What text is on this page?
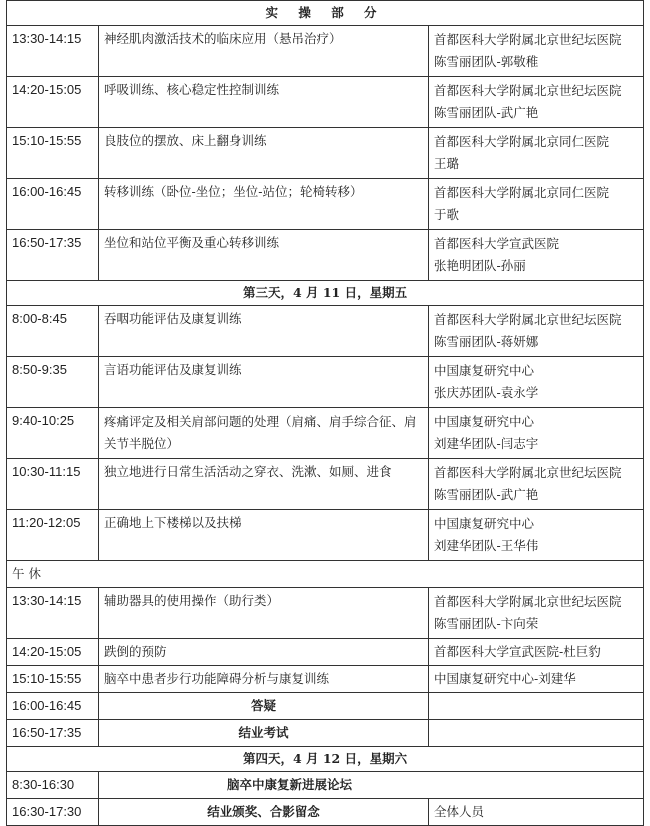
实 操 部 分		
13:30-14:15	神经肌肉激活技术的临床应用（悬吊治疗）	首都医科大学附属北京世纪坛医院
陈雪丽团队-郭敬稚

14:20-15:05	呼吸训练、核心稳定性控制训练	首都医科大学附属北京世纪坛医院
陈雪丽团队-武广艳

15:10-15:55	良肢位的摆放、床上翻身训练	首都医科大学附属北京同仁医院
王璐

16:00-16:45	转移训练（卧位-坐位；坐位-站位；轮椅转移）	首都医科大学附属北京同仁医院
于歌

16:50-17:35	坐位和站位平衡及重心转移训练	首都医科大学宣武医院
张艳明团队-孙丽

第三天，4 月 11 日，星期五		
8:00-8:45	吞咽功能评估及康复训练	首都医科大学附属北京世纪坛医院
陈雪丽团队-蒋妍娜

8:50-9:35	言语功能评估及康复训练	中国康复研究中心
张庆苏团队-袁永学

9:40-10:25	疼痛评定及相关肩部问题的处理（肩痛、肩手综合征、肩关节半脱位）	中国康复研究中心
刘建华团队-闫志宇

10:30-11:15	独立地进行日常生活活动之穿衣、洗漱、如厕、进食	首都医科大学附属北京世纪坛医院
陈雪丽团队-武广艳

11:20-12:05	正确地上下楼梯以及扶梯	中国康复研究中心
刘建华团队-王华伟

午 休		
13:30-14:15	辅助器具的使用操作（助行类）	首都医科大学附属北京世纪坛医院
陈雪丽团队-卞向荣

14:20-15:05	跌倒的预防	首都医科大学宣武医院-杜巨豹
15:10-15:55	脑卒中患者步行功能障碍分析与康复训练	中国康复研究中心-刘建华
16:00-16:45	答疑	
16:50-17:35	结业考试	
第四天，4 月 12 日，星期六		
8:30-16:30	脑卒中康复新进展论坛	
16:30-17:30	结业颁奖、合影留念	全体人员
